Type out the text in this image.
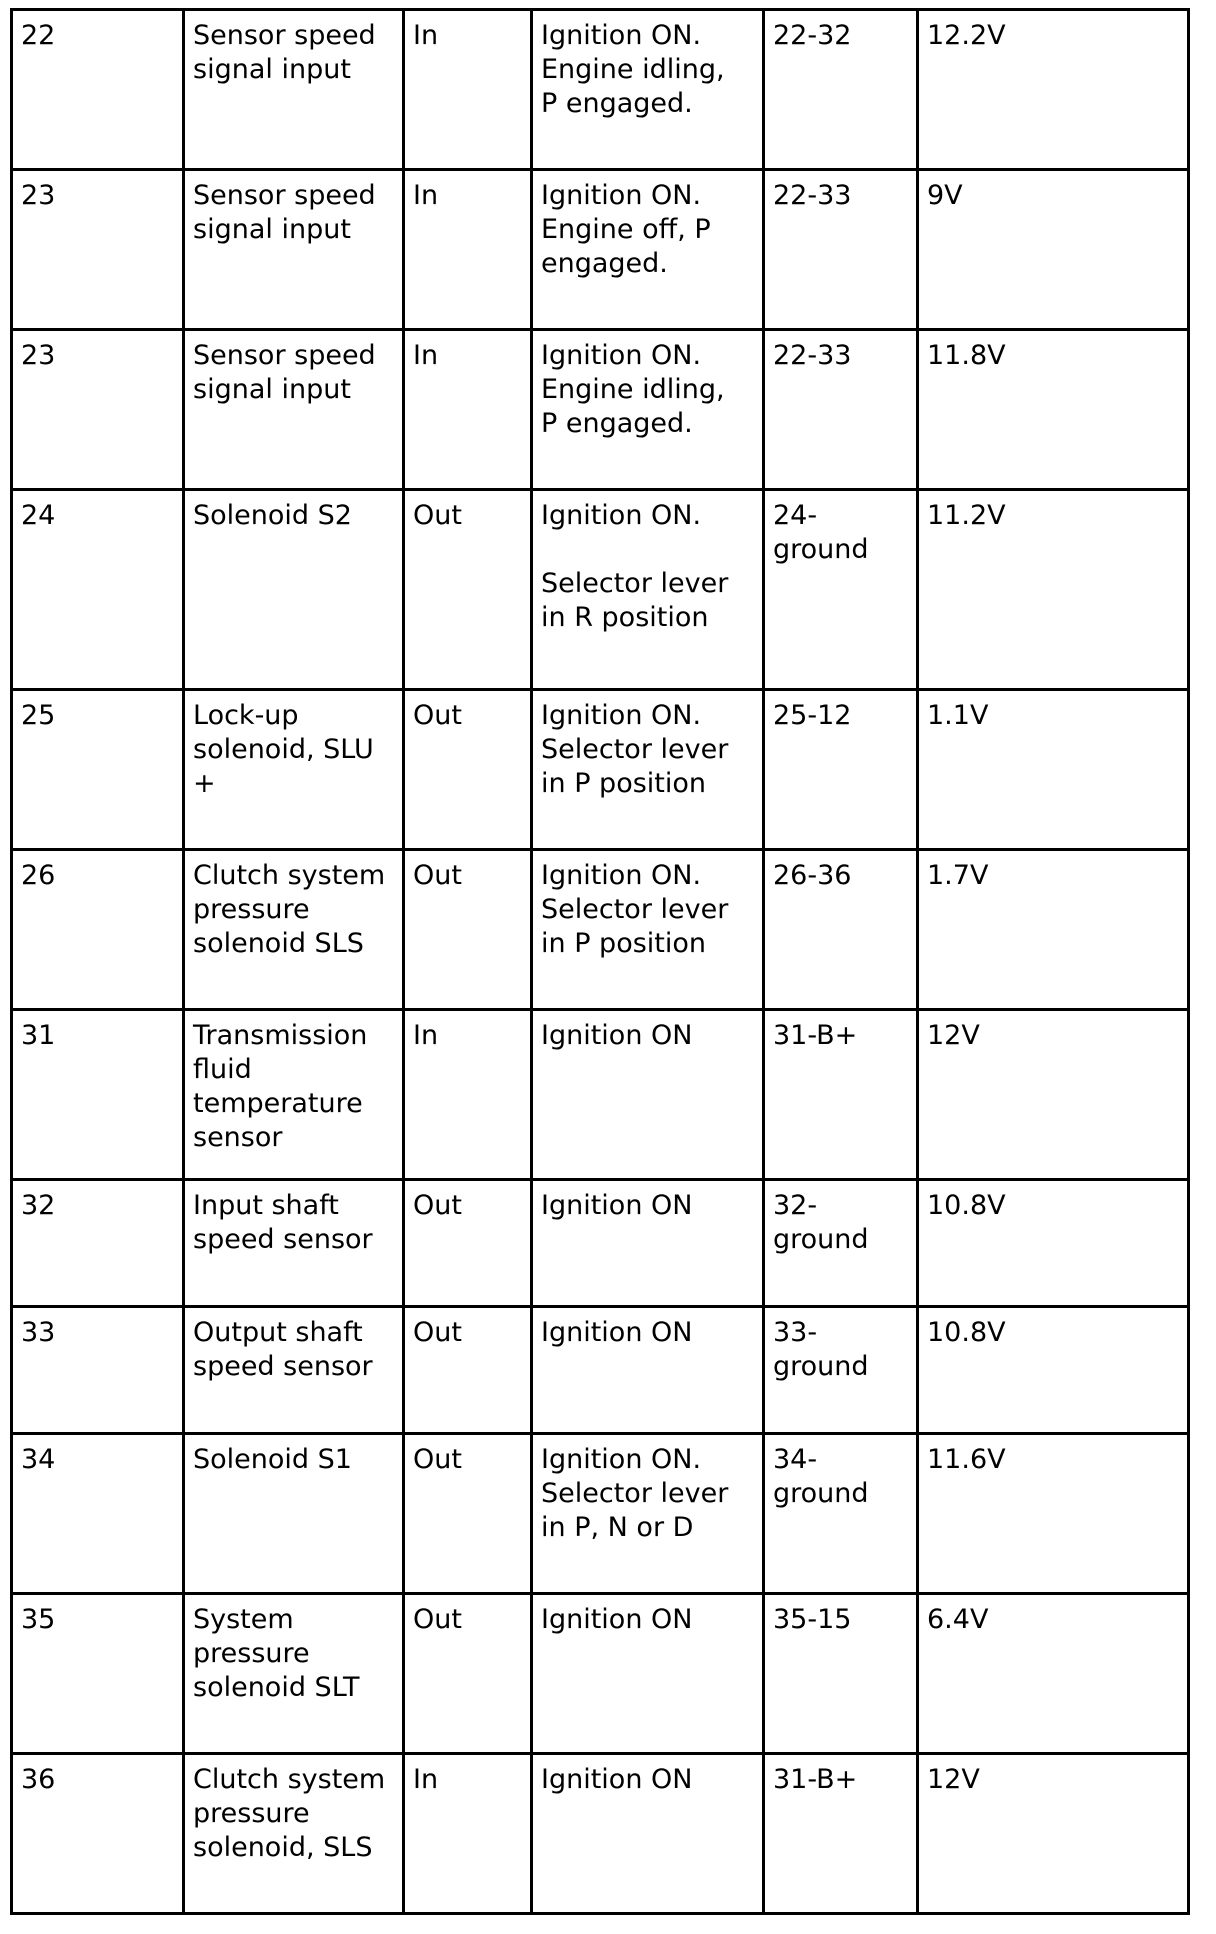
22	Sensor speed
signal input	In	Ignition ON.
Engine idling,
P engaged.	22-32	12.2V
23	Sensor speed
signal input	In	Ignition ON.
Engine off, P
engaged.	22-33	9V
23	Sensor speed
signal input	In	Ignition ON.
Engine idling,
P engaged.	22-33	11.8V
24	Solenoid S2	Out	Ignition ON.

Selector lever
in R position	24-
ground	11.2V
25	Lock-up
solenoid, SLU
+	Out	Ignition ON.
Selector lever
in P position	25-12	1.1V
26	Clutch system
pressure
solenoid SLS	Out	Ignition ON.
Selector lever
in P position	26-36	1.7V
31	Transmission
fluid
temperature
sensor	In	Ignition ON	31-B+	12V
32	Input shaft
speed sensor	Out	Ignition ON	32-
ground	10.8V
33	Output shaft
speed sensor	Out	Ignition ON	33-
ground	10.8V
34	Solenoid S1	Out	Ignition ON.
Selector lever
in P, N or D	34-
ground	11.6V
35	System
pressure
solenoid SLT	Out	Ignition ON	35-15	6.4V
36	Clutch system
pressure
solenoid, SLS	In	Ignition ON	31-B+	12V
